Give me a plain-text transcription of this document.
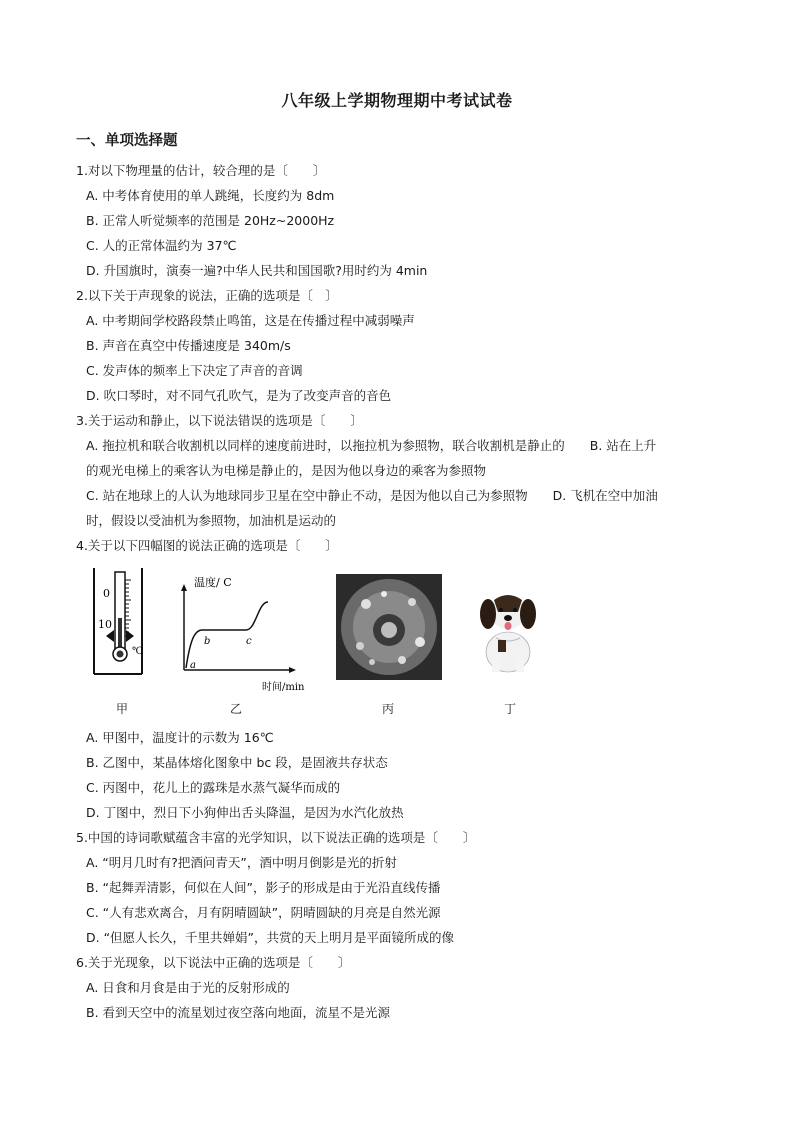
八年级上学期物理期中考试试卷
一、单项选择题
1.对以下物理量的估计，较合理的是〔　　〕
A. 中考体育使用的单人跳绳，长度约为 8dm
B. 正常人听觉频率的范围是 20Hz~2000Hz
C. 人的正常体温约为 37℃
D. 升国旗时，演奏一遍?中华人民共和国国歌?用时约为 4min
2.以下关于声现象的说法，正确的选项是〔　〕
A. 中考期间学校路段禁止鸣笛，这是在传播过程中减弱噪声
B. 声音在真空中传播速度是 340m/s
C. 发声体的频率上下决定了声音的音调
D. 吹口琴时，对不同气孔吹气，是为了改变声音的音色
3.关于运动和静止，以下说法错误的选项是〔　　〕
A. 拖拉机和联合收割机以同样的速度前进时，以拖拉机为参照物，联合收割机是静止的　　B. 站在上升
的观光电梯上的乘客认为电梯是静止的，是因为他以身边的乘客为参照物
C. 站在地球上的人认为地球同步卫星在空中静止不动，是因为他以自己为参照物　　D. 飞机在空中加油
时，假设以受油机为参照物，加油机是运动的
4.关于以下四幅图的说法正确的选项是〔　　〕
0
10
℃
甲
温度/ C
a
b	c
时间/min
乙	丙	丁
A. 甲图中，温度计的示数为 16℃
B. 乙图中，某晶体熔化图象中 bc 段，是固液共存状态
C. 丙图中，花儿上的露珠是水蒸气凝华而成的
D. 丁图中，烈日下小狗伸出舌头降温，是因为水汽化放热
5.中国的诗词歌赋蕴含丰富的光学知识，以下说法正确的选项是〔　　〕
A. “明月几时有?把酒问青天”，酒中明月倒影是光的折射
B. “起舞弄清影，何似在人间”，影子的形成是由于光沿直线传播
C. “人有悲欢离合，月有阴晴圆缺”，阴晴圆缺的月亮是自然光源
D. “但愿人长久，千里共婵娟”，共赏的天上明月是平面镜所成的像
6.关于光现象，以下说法中正确的选项是〔　　〕
A. 日食和月食是由于光的反射形成的
B. 看到天空中的流星划过夜空落向地面，流星不是光源
